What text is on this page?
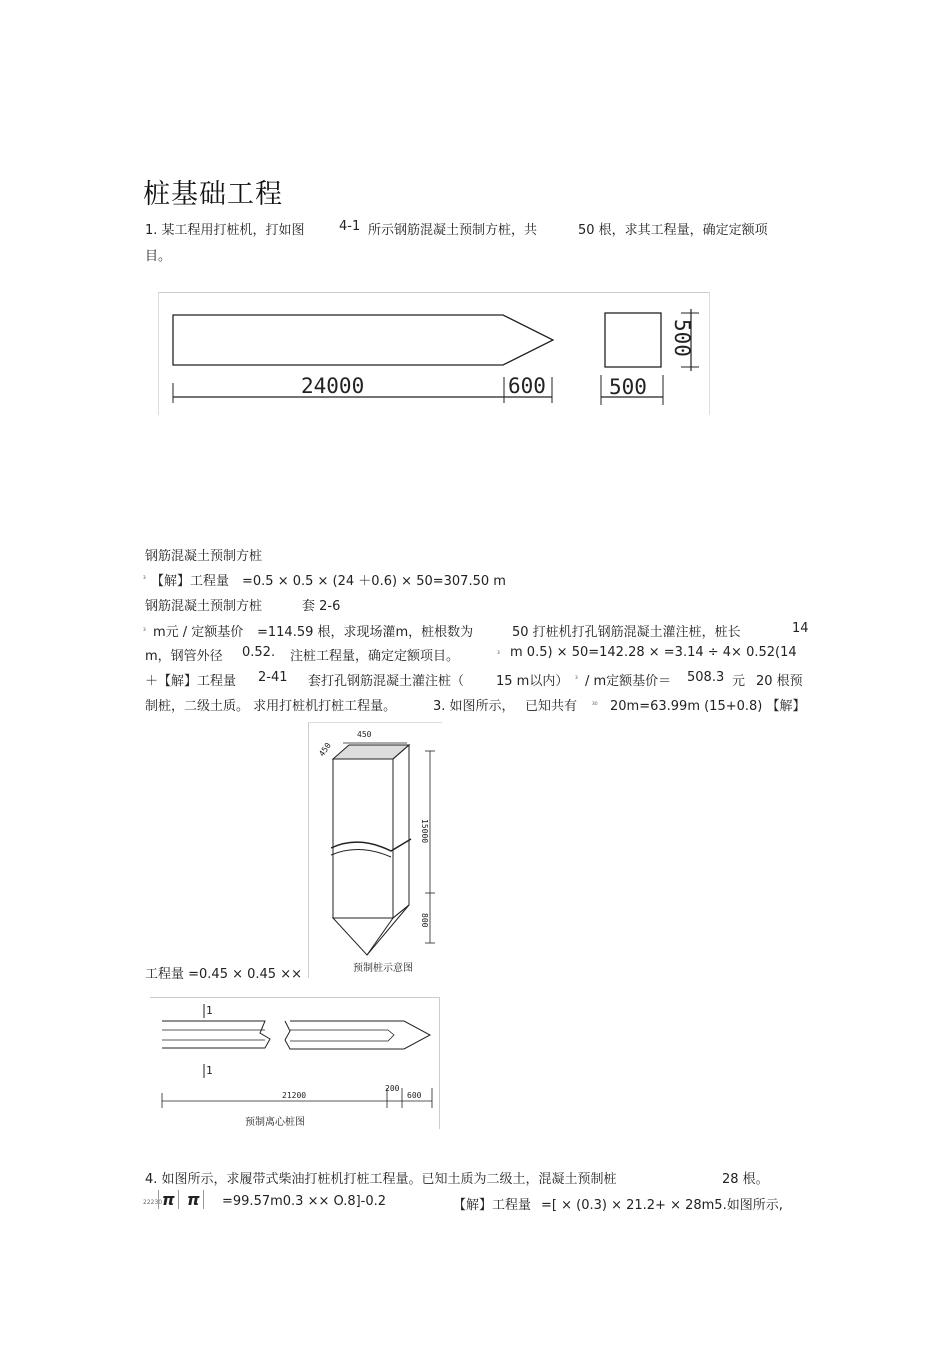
桩基础工程
1. 某工程用打桩机，打如图	4-1 所示钢筋混凝土预制方桩，共	50 根，求其工程量，确定定额项
目。
24000	600	500
500
钢筋混凝土预制方桩
₃ 【解】工程量 =0.5 × 0.5 × (24 ＋0.6) × 50=307.50 m
钢筋混凝土预制方桩	套 2-6
₃ m元 / 定额基价 =114.59 根，求现场灌m，桩根数为	50 打桩机打孔钢筋混凝土灌注桩，桩长	14
m，钢管外径 0.52. 注桩工程量，确定定额项目。	₃ m 0.5) × 50=142.28 × =3.14 ÷ 4× 0.52(14
＋【解】工程量 2-41 套打孔钢筋混凝土灌注桩（ 15 m以内） ₃ / m定额基价＝ 508.3 元 20 根预
制桩，二级土质。 求用打桩机打桩工程量。	3. 如图所示， 已知共有 ₃₀ 20m=63.99m (15+0.8) 【解】
450
450
15000
800
预制桩示意图
工程量 =0.45 × 0.45 ××
1
1
21200
200
600
预制离心桩图
4. 如图所示，求履带式柴油打桩机打桩工程量。已知土质为二级土，混凝土预制桩	28 根。
22230 π π	=99.57m0.3 ×× O.8]-0.2	【解】工程量 =[ × (0.3) × 21.2+ × 28m5.如图所示,
